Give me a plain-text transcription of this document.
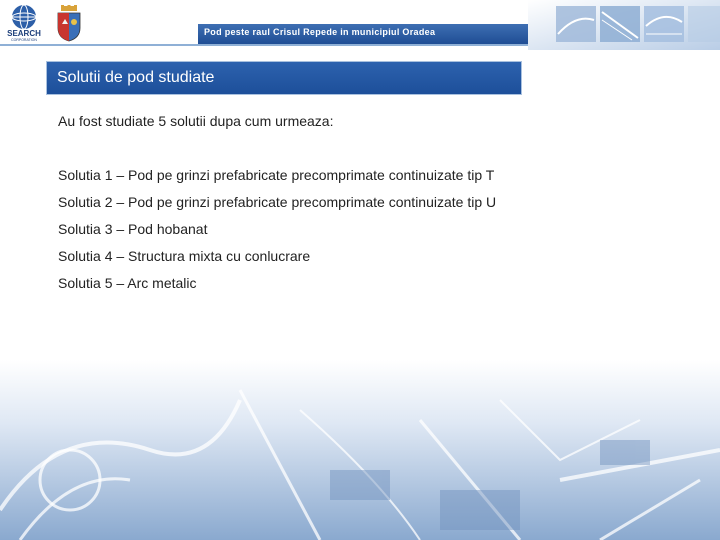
SEARCH
CORPORATION
Pod peste raul Crisul Repede in municipiul Oradea
Solutii de pod studiate
Au fost studiate 5 solutii dupa cum urmeaza:
Solutia 1 – Pod pe grinzi prefabricate precomprimate continuizate tip T
Solutia 2 – Pod pe grinzi prefabricate precomprimate continuizate tip U
Solutia 3 – Pod hobanat
Solutia 4 – Structura mixta cu conlucrare
Solutia 5 – Arc metalic
